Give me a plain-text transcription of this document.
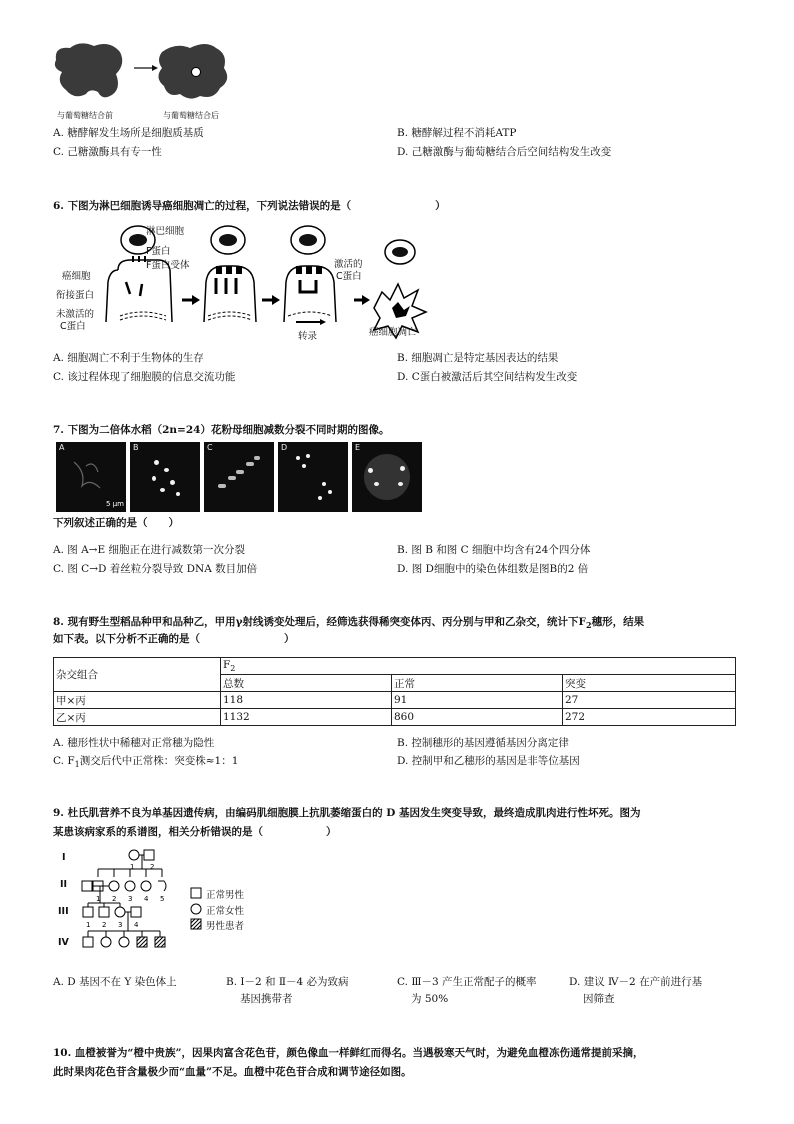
与葡萄糖结合前	与葡萄糖结合后
A. 糖酵解发生场所是细胞质基质	B. 糖酵解过程不消耗ATP
C. 己糖激酶具有专一性	D. 己糖激酶与葡萄糖结合后空间结构发生改变
6. 下图为淋巴细胞诱导癌细胞凋亡的过程，下列说法错误的是（　　　　　　　　）
淋巴细胞
F蛋白
F蛋白受体
癌细胞
衔接蛋白
未激活的
C蛋白
激活的
C蛋白
转录	癌细胞凋亡
A. 细胞凋亡不利于生物体的生存	B. 细胞凋亡是特定基因表达的结果
C. 该过程体现了细胞膜的信息交流功能	D. C蛋白被激活后其空间结构发生改变
7. 下图为二倍体水稻（2n=24）花粉母细胞减数分裂不同时期的图像。
A
5 μm
B	C	D	E
下列叙述正确的是（　　）
A. 图 A→E 细胞正在进行减数第一次分裂	B. 图 B 和图 C 细胞中均含有24个四分体
C. 图 C→D 着丝粒分裂导致 DNA 数目加倍	D. 图 D细胞中的染色体组数是图B的2 倍
8. 现有野生型稻品种甲和品种乙，甲用γ射线诱变处理后，经筛选获得稀突变体丙、丙分别与甲和乙杂交，统计下$F_2$穗形，结果
如下表。以下分析不正确的是（　　　　　　　　）
杂交组合	$F_2$
	总数	正常	突变
甲×丙	118	91	27
乙×丙	1132	860	272
A. 穗形性状中稀穗对正常穗为隐性	B. 控制穗形的基因遵循基因分离定律
C. $F_1$测交后代中正常株：突变株≈1：1	D. 控制甲和乙穗形的基因是非等位基因
9. 杜氏肌营养不良为单基因遗传病，由编码肌细胞膜上抗肌萎缩蛋白的 D 基因发生突变导致，最终造成肌肉进行性坏死。图为
某患该病家系的系谱图，相关分析错误的是（　　　　　　）
I
II
III
IV
1 2
1 2 3 4 5
1 2 3 4
正常男性
正常女性
男性患者
A. D 基因不在 Y 染色体上	B. Ⅰ－2 和 Ⅱ－4 必为致病
基因携带者
C. Ⅲ－3 产生正常配子的概率
为 50%
D. 建议 Ⅳ－2 在产前进行基
因筛查
10. 血橙被誉为“橙中贵族”，因果肉富含花色苷，颜色像血一样鲜红而得名。当遇极寒天气时，为避免血橙冻伤通常提前采摘，
此时果肉花色苷含量极少而“血量”不足。血橙中花色苷合成和调节途径如图。
